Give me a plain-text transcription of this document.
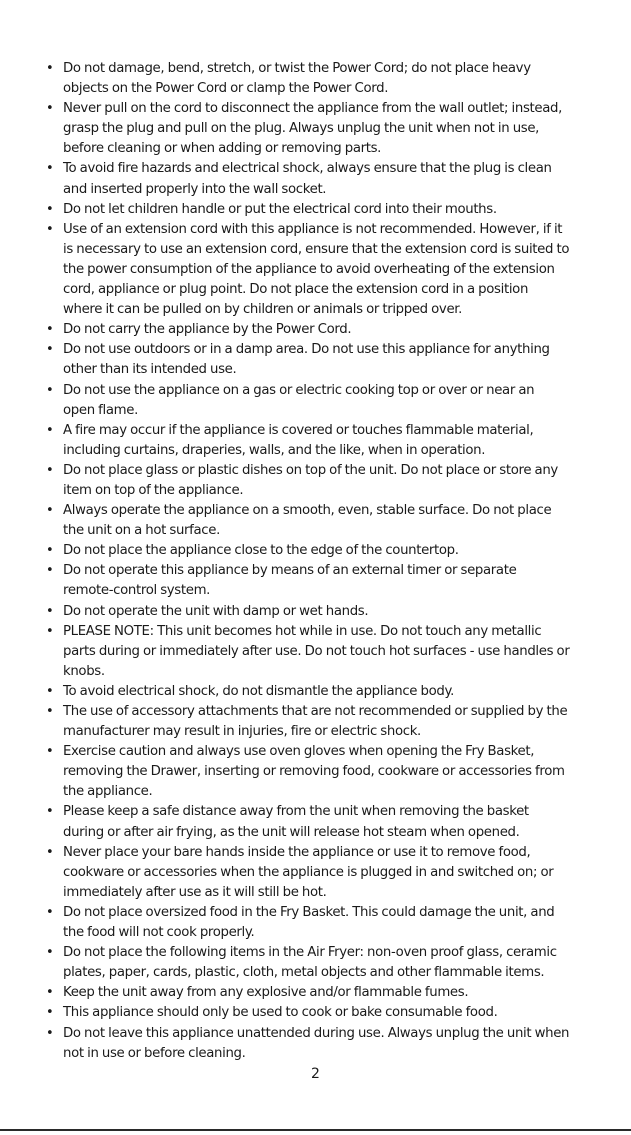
• Do not damage, bend, stretch, or twist the Power Cord; do not place heavy
objects on the Power Cord or clamp the Power Cord.
• Never pull on the cord to disconnect the appliance from the wall outlet; instead,
grasp the plug and pull on the plug. Always unplug the unit when not in use,
before cleaning or when adding or removing parts.
• To avoid fire hazards and electrical shock, always ensure that the plug is clean
and inserted properly into the wall socket.
• Do not let children handle or put the electrical cord into their mouths.
• Use of an extension cord with this appliance is not recommended. However, if it
is necessary to use an extension cord, ensure that the extension cord is suited to
the power consumption of the appliance to avoid overheating of the extension
cord, appliance or plug point. Do not place the extension cord in a position
where it can be pulled on by children or animals or tripped over.
• Do not carry the appliance by the Power Cord.
• Do not use outdoors or in a damp area. Do not use this appliance for anything
other than its intended use.
• Do not use the appliance on a gas or electric cooking top or over or near an
open flame.
• A fire may occur if the appliance is covered or touches flammable material,
including curtains, draperies, walls, and the like, when in operation.
• Do not place glass or plastic dishes on top of the unit. Do not place or store any
item on top of the appliance.
• Always operate the appliance on a smooth, even, stable surface. Do not place
the unit on a hot surface.
• Do not place the appliance close to the edge of the countertop.
• Do not operate this appliance by means of an external timer or separate
remote-control system.
• Do not operate the unit with damp or wet hands.
• PLEASE NOTE: This unit becomes hot while in use. Do not touch any metallic
parts during or immediately after use. Do not touch hot surfaces - use handles or
knobs.
• To avoid electrical shock, do not dismantle the appliance body.
• The use of accessory attachments that are not recommended or supplied by the
manufacturer may result in injuries, fire or electric shock.
• Exercise caution and always use oven gloves when opening the Fry Basket,
removing the Drawer, inserting or removing food, cookware or accessories from
the appliance.
• Please keep a safe distance away from the unit when removing the basket
during or after air frying, as the unit will release hot steam when opened.
• Never place your bare hands inside the appliance or use it to remove food,
cookware or accessories when the appliance is plugged in and switched on; or
immediately after use as it will still be hot.
• Do not place oversized food in the Fry Basket. This could damage the unit, and
the food will not cook properly.
• Do not place the following items in the Air Fryer: non-oven proof glass, ceramic
plates, paper, cards, plastic, cloth, metal objects and other flammable items.
• Keep the unit away from any explosive and/or flammable fumes.
• This appliance should only be used to cook or bake consumable food.
• Do not leave this appliance unattended during use. Always unplug the unit when
not in use or before cleaning.
2
